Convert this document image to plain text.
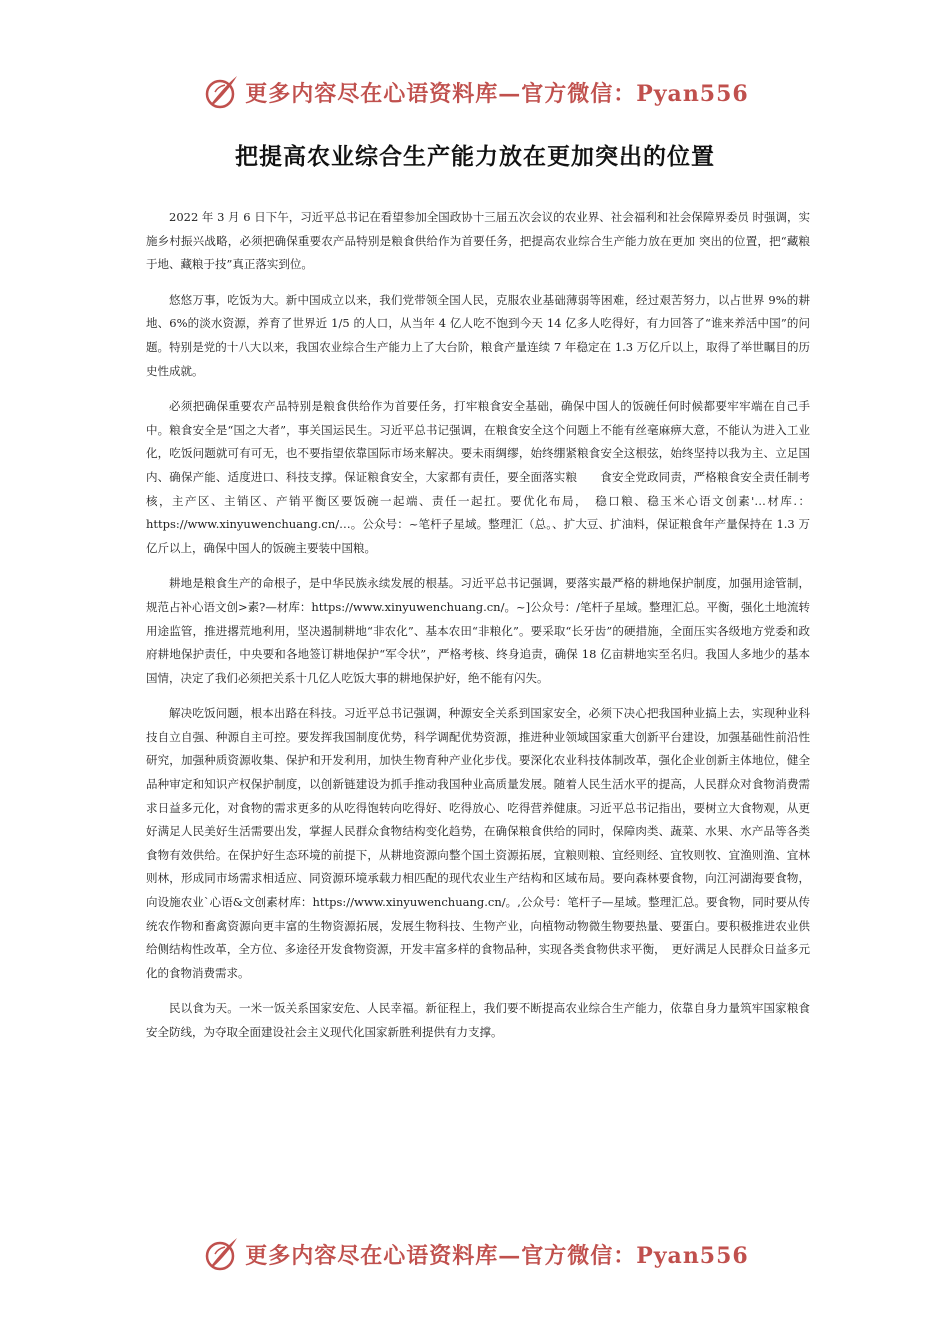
更多内容尽在心语资料库—官方微信：Pyan556
把提高农业综合生产能力放在更加突出的位置

2022 年 3 月 6 日下午，习近平总书记在看望参加全国政协十三届五次会议的农业界、社会福利和社会保障界委员 时强调，实施乡村振兴战略，必须把确保重要农产品特别是粮食供给作为首要任务，把提高农业综合生产能力放在更加 突出的位置，把“藏粮于地、藏粮于技”真正落实到位。

悠悠万事，吃饭为大。新中国成立以来，我们党带领全国人民，克服农业基础薄弱等困难，经过艰苦努力，以占世界 9%的耕地、6%的淡水资源，养育了世界近 1/5 的人口，从当年 4 亿人吃不饱到今天 14 亿多人吃得好，有力回答了“谁来养活中国”的问题。特别是党的十八大以来，我国农业综合生产能力上了大台阶，粮食产量连续 7 年稳定在 1.3 万亿斤以上，取得了举世瞩目的历史性成就。

必须把确保重要农产品特别是粮食供给作为首要任务，打牢粮食安全基础，确保中国人的饭碗任何时候都要牢牢端在自己手中。粮食安全是“国之大者”，事关国运民生。习近平总书记强调，在粮食安全这个问题上不能有丝毫麻痹大意，不能认为进入工业化，吃饭问题就可有可无，也不要指望依靠国际市场来解决。要未雨绸缪，始终绷紧粮食安全这根弦，始终坚持以我为主、立足国内、确保产能、适度进口、科技支撑。保证粮食安全，大家都有责任，要全面落实粮　　食安全党政同责，严格粮食安全责任制考核，主产区、主销区、产销平衡区要饭碗一起端、责任一起扛。要优化布局，　稳口粮、稳玉米心语文创素'…材库.：https://www.xinyuwenchuang.cn/…。公众号：~笔杆子星域。整理汇（总。、扩大豆、扩油料，保证粮食年产量保持在 1.3 万亿斤以上，确保中国人的饭碗主要装中国粮。

耕地是粮食生产的命根子，是中华民族永续发展的根基。习近平总书记强调，要落实最严格的耕地保护制度，加强用途管制，规范占补心语文创>素?—材库：https://www.xinyuwenchuang.cn/。~]公众号：/笔杆子星域。整理汇总。平衡，强化土地流转用途监管，推进撂荒地利用，坚决遏制耕地“非农化”、基本农田“非粮化”。要采取“长牙齿”的硬措施，全面压实各级地方党委和政府耕地保护责任，中央要和各地签订耕地保护“军令状”，严格考核、终身追责，确保 18 亿亩耕地实至名归。我国人多地少的基本国情，决定了我们必须把关系十几亿人吃饭大事的耕地保护好，绝不能有闪失。

解决吃饭问题，根本出路在科技。习近平总书记强调，种源安全关系到国家安全，必须下决心把我国种业搞上去，实现种业科技自立自强、种源自主可控。要发挥我国制度优势，科学调配优势资源，推进种业领域国家重大创新平台建设，加强基础性前沿性研究，加强种质资源收集、保护和开发利用，加快生物育种产业化步伐。要深化农业科技体制改革，强化企业创新主体地位，健全品种审定和知识产权保护制度，以创新链建设为抓手推动我国种业高质量发展。随着人民生活水平的提高，人民群众对食物消费需求日益多元化，对食物的需求更多的从吃得饱转向吃得好、吃得放心、吃得营养健康。习近平总书记指出，要树立大食物观，从更好满足人民美好生活需要出发，掌握人民群众食物结构变化趋势，在确保粮食供给的同时，保障肉类、蔬菜、水果、水产品等各类食物有效供给。在保护好生态环境的前提下，从耕地资源向整个国土资源拓展，宜粮则粮、宜经则经、宜牧则牧、宜渔则渔、宜林则林，形成同市场需求相适应、同资源环境承载力相匹配的现代农业生产结构和区域布局。要向森林要食物，向江河湖海要食物，向设施农业`心语&文创素材库：https://www.xinyuwenchuang.cn/。,公众号：笔杆子—星域。整理汇总。要食物，同时要从传统农作物和畜禽资源向更丰富的生物资源拓展，发展生物科技、生物产业，向植物动物微生物要热量、要蛋白。要积极推进农业供给侧结构性改革，全方位、多途径开发食物资源，开发丰富多样的食物品种，实现各类食物供求平衡，　更好满足人民群众日益多元化的食物消费需求。

民以食为天。一米一饭关系国家安危、人民幸福。新征程上，我们要不断提高农业综合生产能力，依靠自身力量筑牢国家粮食安全防线，为夺取全面建设社会主义现代化国家新胜利提供有力支撑。

更多内容尽在心语资料库—官方微信：Pyan556
